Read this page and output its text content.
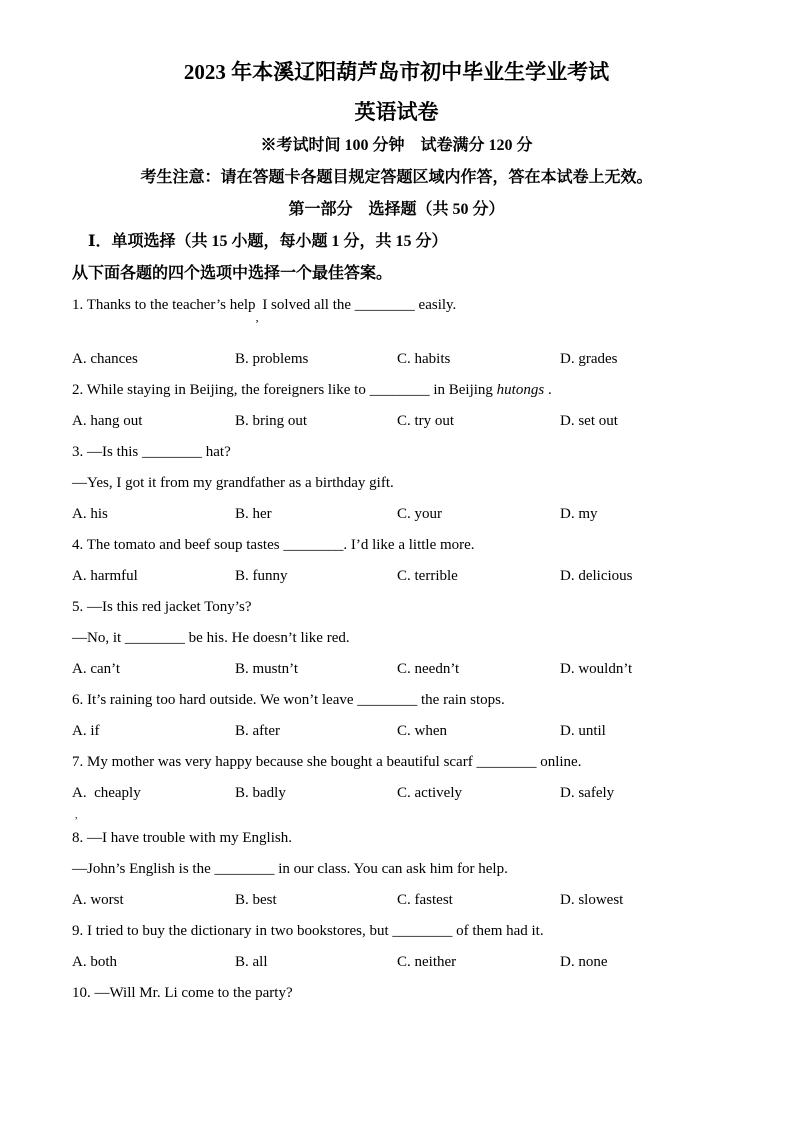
2023 年本溪辽阳葫芦岛市初中毕业生学业考试
英语试卷
※考试时间 100 分钟　试卷满分 120 分
考生注意：请在答题卡各题目规定答题区域内作答，答在本试卷上无效。
第一部分　选择题（共 50 分）
Ⅰ．单项选择（共 15 小题，每小题 1 分，共 15 分）
从下面各题的四个选项中选择一个最佳答案。

1. Thanks to the teacher’s help$_,$ I solved all the ________ easily.

A. chances	B. problems	C. habits	D. grades

2. While staying in Beijing, the foreigners like to ________ in Beijing hutongs .

A. hang out	B. bring out	C. try out	D. set out

3. —Is this ________ hat?

—Yes, I got it from my grandfather as a birthday gift.

A. his	B. her	C. your	D. my

4. The tomato and beef soup tastes ________. I’d like a little more.

A. harmful	B. funny	C. terrible	D. delicious

5. —Is this red jacket Tony’s?

—No, it ________ be his. He doesn’t like red.

A. can’t	B. mustn’t	C. needn’t	D. wouldn’t

6. It’s raining too hard outside. We won’t leave ________ the rain stops.

A. if	B. after	C. when	D. until

7. My mother was very happy because she bought a beautiful scarf ________ online.

A.  cheaply	B. badly	C. actively	D. safely
,

8. —I have trouble with my English.

—John’s English is the ________ in our class. You can ask him for help.

A. worst	B. best	C. fastest	D. slowest

9. I tried to buy the dictionary in two bookstores, but ________ of them had it.

A. both	B. all	C. neither	D. none

10. —Will Mr. Li come to the party?
